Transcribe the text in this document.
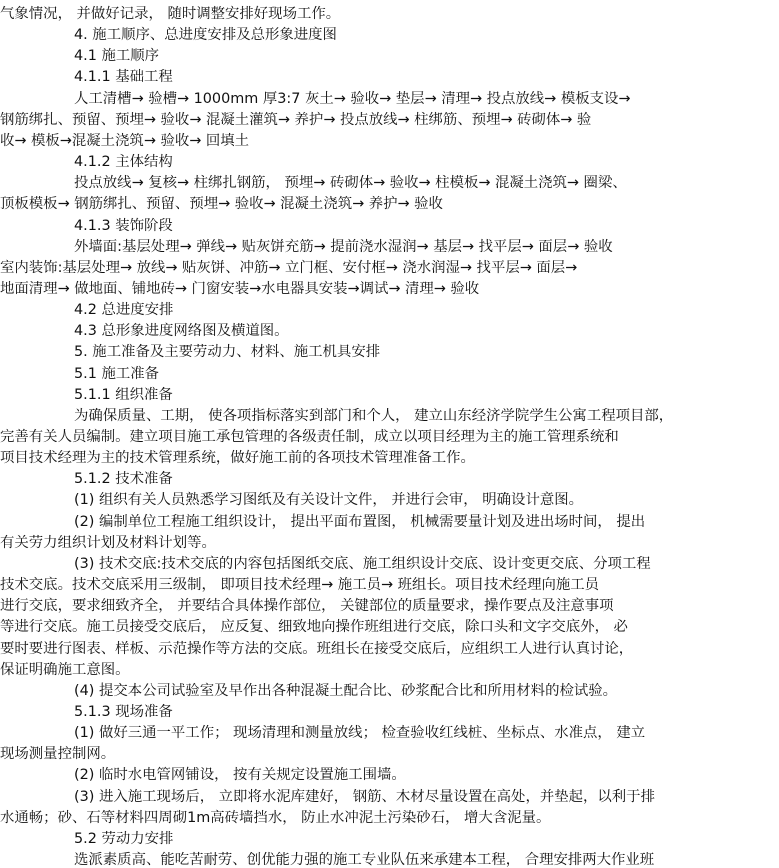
气象情况， 并做好记录， 随时调整安排好现场工作。
4. 施工顺序、总进度安排及总形象进度图
4.1 施工顺序
4.1.1 基础工程
人工清槽→ 验槽→ 1000mm 厚3:7 灰土→ 验收→ 垫层→ 清理→ 投点放线→ 模板支设→
钢筋绑扎、预留、预埋→ 验收→ 混凝土灌筑→ 养护→ 投点放线→ 柱绑筋、预埋→ 砖砌体→ 验
收→ 模板→混凝土浇筑→ 验收→ 回填土
4.1.2 主体结构
投点放线→ 复核→ 柱绑扎钢筋， 预埋→ 砖砌体→ 验收→ 柱模板→ 混凝土浇筑→ 圈梁、
顶板模板→ 钢筋绑扎、预留、预埋→ 验收→ 混凝土浇筑→ 养护→ 验收
4.1.3 装饰阶段
外墙面:基层处理→ 弹线→ 贴灰饼充筋→ 提前浇水湿润→ 基层→ 找平层→ 面层→ 验收
室内装饰:基层处理→ 放线→ 贴灰饼、冲筋→ 立门框、安付框→ 浇水润湿→ 找平层→ 面层→
地面清理→ 做地面、铺地砖→ 门窗安装→水电器具安装→调试→ 清理→ 验收
4.2 总进度安排
4.3 总形象进度网络图及横道图。
5. 施工准备及主要劳动力、材料、施工机具安排
5.1 施工准备
5.1.1 组织准备
为确保质量、工期， 使各项指标落实到部门和个人， 建立山东经济学院学生公寓工程项目部，
完善有关人员编制。建立项目施工承包管理的各级责任制，成立以项目经理为主的施工管理系统和
项目技术经理为主的技术管理系统，做好施工前的各项技术管理准备工作。
5.1.2 技术准备
(1) 组织有关人员熟悉学习图纸及有关设计文件， 并进行会审， 明确设计意图。
(2) 编制单位工程施工组织设计， 提出平面布置图， 机械需要量计划及进出场时间， 提出
有关劳力组织计划及材料计划等。
(3) 技术交底:技术交底的内容包括图纸交底、施工组织设计交底、设计变更交底、分项工程
技术交底。技术交底采用三级制， 即项目技术经理→ 施工员→ 班组长。项目技术经理向施工员
进行交底，要求细致齐全， 并要结合具体操作部位， 关键部位的质量要求，操作要点及注意事项
等进行交底。施工员接受交底后， 应反复、细致地向操作班组进行交底，除口头和文字交底外， 必
要时要进行图表、样板、示范操作等方法的交底。班组长在接受交底后，应组织工人进行认真讨论，
保证明确施工意图。
(4) 提交本公司试验室及早作出各种混凝土配合比、砂浆配合比和所用材料的检试验。
5.1.3 现场准备
(1) 做好三通一平工作； 现场清理和测量放线； 检查验收红线桩、坐标点、水准点， 建立
现场测量控制网。
(2) 临时水电管网铺设， 按有关规定设置施工围墙。
(3) 进入施工现场后， 立即将水泥库建好， 钢筋、木材尽量设置在高处，并垫起，以利于排
水通畅；砂、石等材料四周砌1m高砖墙挡水， 防止水冲泥土污染砂石， 增大含泥量。
5.2 劳动力安排
选派素质高、能吃苦耐劳、创优能力强的施工专业队伍来承建本工程， 合理安排两大作业班
